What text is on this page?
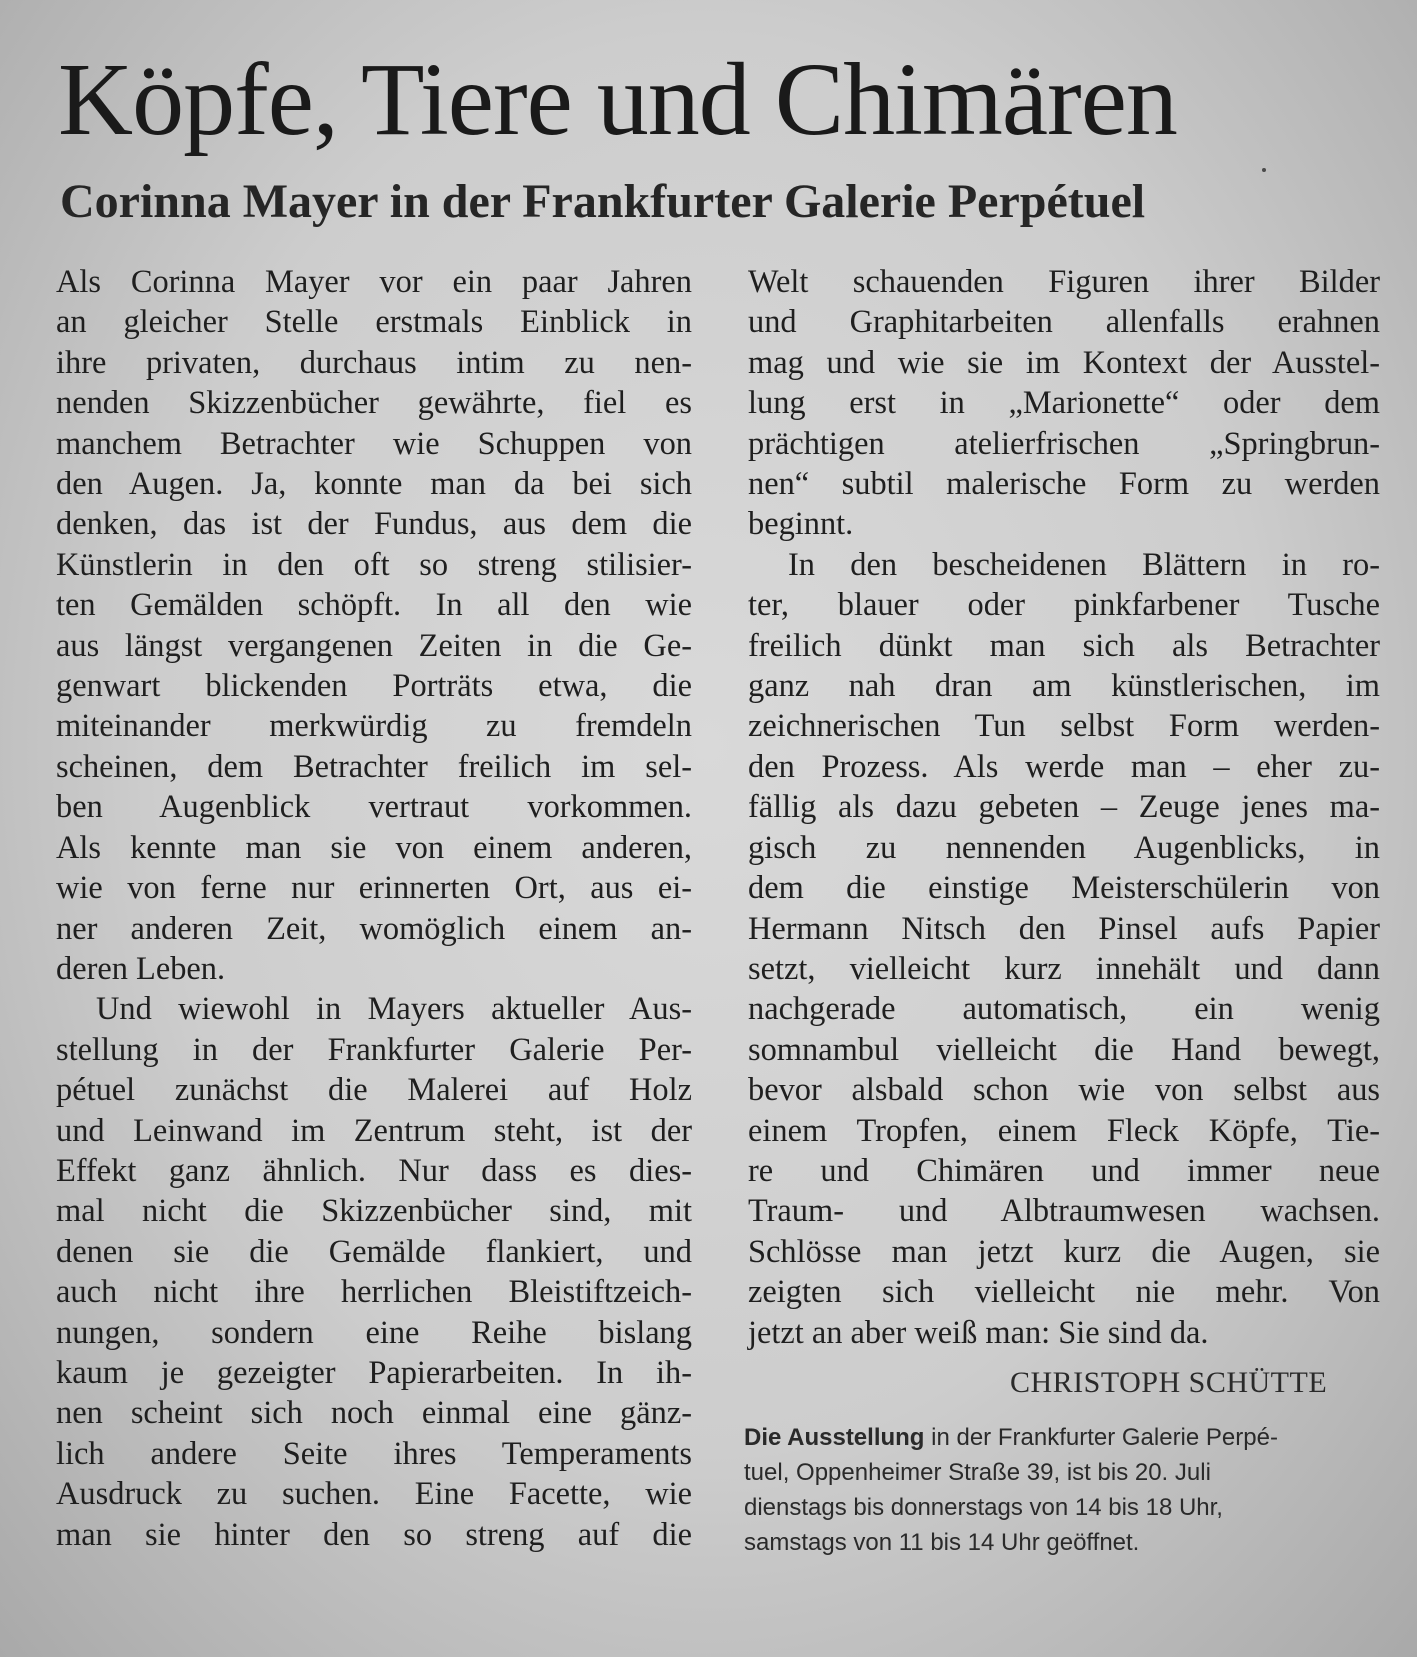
Köpfe, Tiere und Chimären
Corinna Mayer in der Frankfurter Galerie Perpétuel
Als Corinna Mayer vor ein paar Jahren
an gleicher Stelle erstmals Einblick in
ihre privaten, durchaus intim zu nen-
nenden Skizzenbücher gewährte, fiel es
manchem Betrachter wie Schuppen von
den Augen. Ja, konnte man da bei sich
denken, das ist der Fundus, aus dem die
Künstlerin in den oft so streng stilisier-
ten Gemälden schöpft. In all den wie
aus längst vergangenen Zeiten in die Ge-
genwart blickenden Porträts etwa, die
miteinander merkwürdig zu fremdeln
scheinen, dem Betrachter freilich im sel-
ben Augenblick vertraut vorkommen.
Als kennte man sie von einem anderen,
wie von ferne nur erinnerten Ort, aus ei-
ner anderen Zeit, womöglich einem an-
deren Leben.
Und wiewohl in Mayers aktueller Aus-
stellung in der Frankfurter Galerie Per-
pétuel zunächst die Malerei auf Holz
und Leinwand im Zentrum steht, ist der
Effekt ganz ähnlich. Nur dass es dies-
mal nicht die Skizzenbücher sind, mit
denen sie die Gemälde flankiert, und
auch nicht ihre herrlichen Bleistiftzeich-
nungen, sondern eine Reihe bislang
kaum je gezeigter Papierarbeiten. In ih-
nen scheint sich noch einmal eine gänz-
lich andere Seite ihres Temperaments
Ausdruck zu suchen. Eine Facette, wie
man sie hinter den so streng auf die
Welt schauenden Figuren ihrer Bilder
und Graphitarbeiten allenfalls erahnen
mag und wie sie im Kontext der Ausstel-
lung erst in „Marionette“ oder dem
prächtigen atelierfrischen „Springbrun-
nen“ subtil malerische Form zu werden
beginnt.
In den bescheidenen Blättern in ro-
ter, blauer oder pinkfarbener Tusche
freilich dünkt man sich als Betrachter
ganz nah dran am künstlerischen, im
zeichnerischen Tun selbst Form werden-
den Prozess. Als werde man – eher zu-
fällig als dazu gebeten – Zeuge jenes ma-
gisch zu nennenden Augenblicks, in
dem die einstige Meisterschülerin von
Hermann Nitsch den Pinsel aufs Papier
setzt, vielleicht kurz innehält und dann
nachgerade automatisch, ein wenig
somnambul vielleicht die Hand bewegt,
bevor alsbald schon wie von selbst aus
einem Tropfen, einem Fleck Köpfe, Tie-
re und Chimären und immer neue
Traum- und Albtraumwesen wachsen.
Schlösse man jetzt kurz die Augen, sie
zeigten sich vielleicht nie mehr. Von
jetzt an aber weiß man: Sie sind da.
CHRISTOPH SCHÜTTE
Die Ausstellung in der Frankfurter Galerie Perpé-
tuel, Oppenheimer Straße 39, ist bis 20. Juli
dienstags bis donnerstags von 14 bis 18 Uhr,
samstags von 11 bis 14 Uhr geöffnet.
